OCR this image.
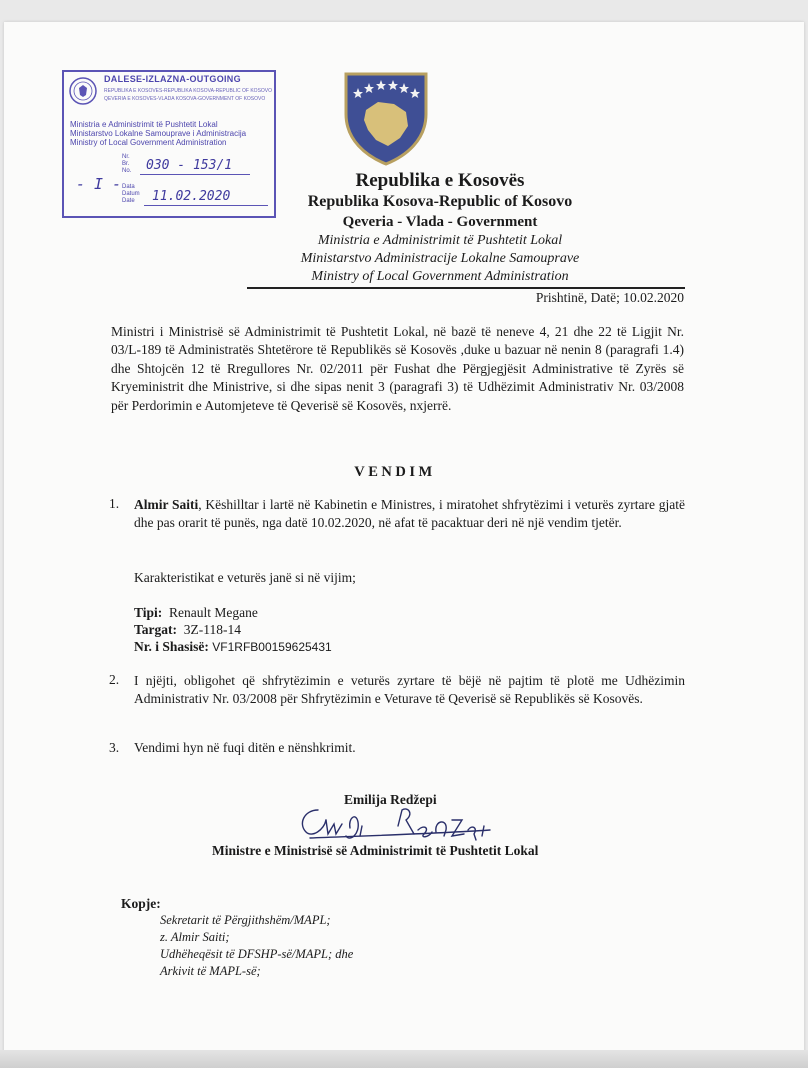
DALESE-IZLAZNA-OUTGOING
REPUBLIKA E KOSOVES-REPUBLIKA KOSOVA-REPUBLIC OF KOSOVO
QEVERIA E KOSOVES-VLADA KOSOVA-GOVERNMENT OF KOSOVO
Ministria e Administrimit të Pushtetit Lokal
Ministarstvo Lokalne Samouprave i Administracija
Ministry of Local Government Administration
Nr.
Br.
No. 030 - 153/1
- I - Data
Datum
Date 11.02.2020
Republika e Kosovës
Republika Kosova-Republic of Kosovo
Qeveria - Vlada - Government
Ministria e Administrimit të Pushtetit Lokal
Ministarstvo Administracije Lokalne Samouprave
Ministry of Local Government Administration
Prishtinë, Datë; 10.02.2020

Ministri i Ministrisë së Administrimit të Pushtetit Lokal, në bazë të neneve 4, 21 dhe 22 të Ligjit Nr. 03/L-189 të Administratës Shtetërore të Republikës së Kosovës ,duke u bazuar në nenin 8 (paragrafi 1.4) dhe Shtojcën 12 të Rregullores Nr. 02/2011 për Fushat dhe Përgjegjësit Administrative të Zyrës së Kryeministrit dhe Ministrive, si dhe sipas nenit 3 (paragrafi 3) të Udhëzimit Administrativ Nr. 03/2008 për Perdorimin e Automjeteve të Qeverisë së Kosovës, nxjerrë.

VENDIM
1. Almir Saiti, Këshilltar i lartë në Kabinetin e Ministres, i miratohet shfrytëzimi i veturës zyrtare gjatë dhe pas orarit të punës, nga datë 10.02.2020, në afat të pacaktuar deri në një vendim tjetër.

Karakteristikat e veturës janë si në vijim;
Tipi: Renault Megane
Targat: 3Z-118-14
Nr. i Shasisë: VF1RFB00159625431
2. I njëjti, obligohet që shfrytëzimin e veturës zyrtare të bëjë në pajtim të plotë me Udhëzimin Administrativ Nr. 03/2008 për Shfrytëzimin e Veturave të Qeverisë së Republikës së Kosovës.

3. Vendimi hyn në fuqi ditën e nënshkrimit.
Emilija Redžepi
Ministre e Ministrisë së Administrimit të Pushtetit Lokal
Kopje:
Sekretarit të Përgjithshëm/MAPL;
z. Almir Saiti;
Udhëheqësit të DFSHP-së/MAPL; dhe
Arkivit të MAPL-së;
